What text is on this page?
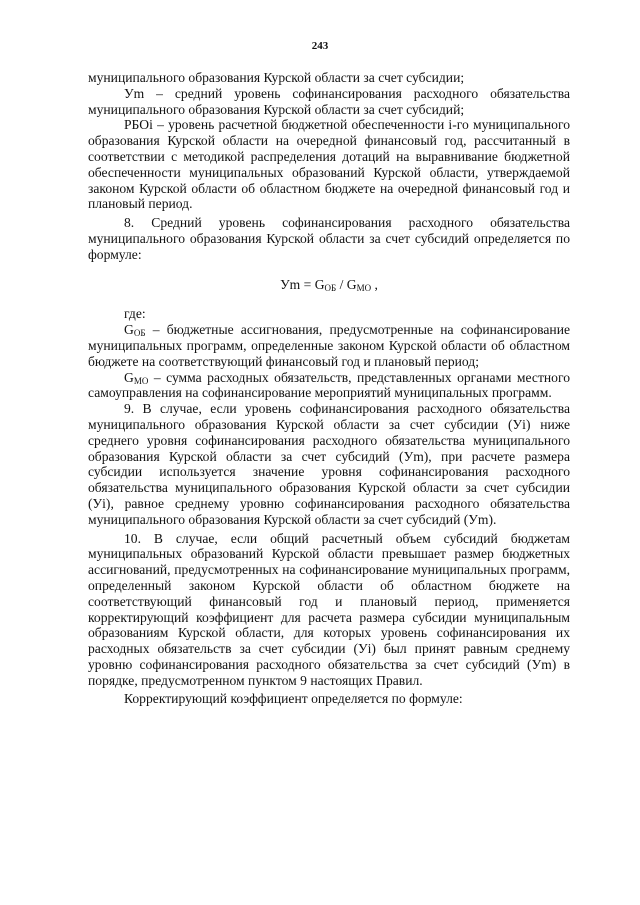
243

муниципального образования Курской области за счет субсидии;

Уm – средний уровень софинансирования расходного обязательства муниципального образования Курской области за счет субсидий;

РБОi – уровень расчетной бюджетной обеспеченности i-го муниципального образования Курской области на очередной финансовый год, рассчитанный в соответствии с методикой распределения дотаций на выравнивание бюджетной обеспеченности муниципальных образований Курской области, утверждаемой законом Курской области об областном бюджете на очередной финансовый год и плановый период.

8. Средний уровень софинансирования расходного обязательства муниципального образования Курской области за счет субсидий определяется по формуле:

Уm = $G_{ОБ} / G_{МО}$ ,

где:

$G_{ОБ}$ – бюджетные ассигнования, предусмотренные на софинансирование муниципальных программ, определенные законом Курской области об областном бюджете на соответствующий финансовый год и плановый период;

$G_{МО}$ – сумма расходных обязательств, представленных органами местного самоуправления на софинансирование мероприятий муниципальных программ.

9. В случае, если уровень софинансирования расходного обязательства муниципального образования Курской области за счет субсидии (Уi) ниже среднего уровня софинансирования расходного обязательства муниципального образования Курской области за счет субсидий (Уm), при расчете размера субсидии используется значение уровня софинансирования расходного обязательства муниципального образования Курской области за счет субсидии (Уi), равное среднему уровню софинансирования расходного обязательства муниципального образования Курской области за счет субсидий (Уm).

10. В случае, если общий расчетный объем субсидий бюджетам муниципальных образований Курской области превышает размер бюджетных ассигнований, предусмотренных на софинансирование муниципальных программ, определенный законом Курской области об областном бюджете на соответствующий финансовый год и плановый период, применяется корректирующий коэффициент для расчета размера субсидии муниципальным образованиям Курской области, для которых уровень софинансирования их расходных обязательств за счет субсидии (Уi) был принят равным среднему уровню софинансирования расходного обязательства за счет субсидий (Уm) в порядке, предусмотренном пунктом 9 настоящих Правил.

Корректирующий коэффициент определяется по формуле:
